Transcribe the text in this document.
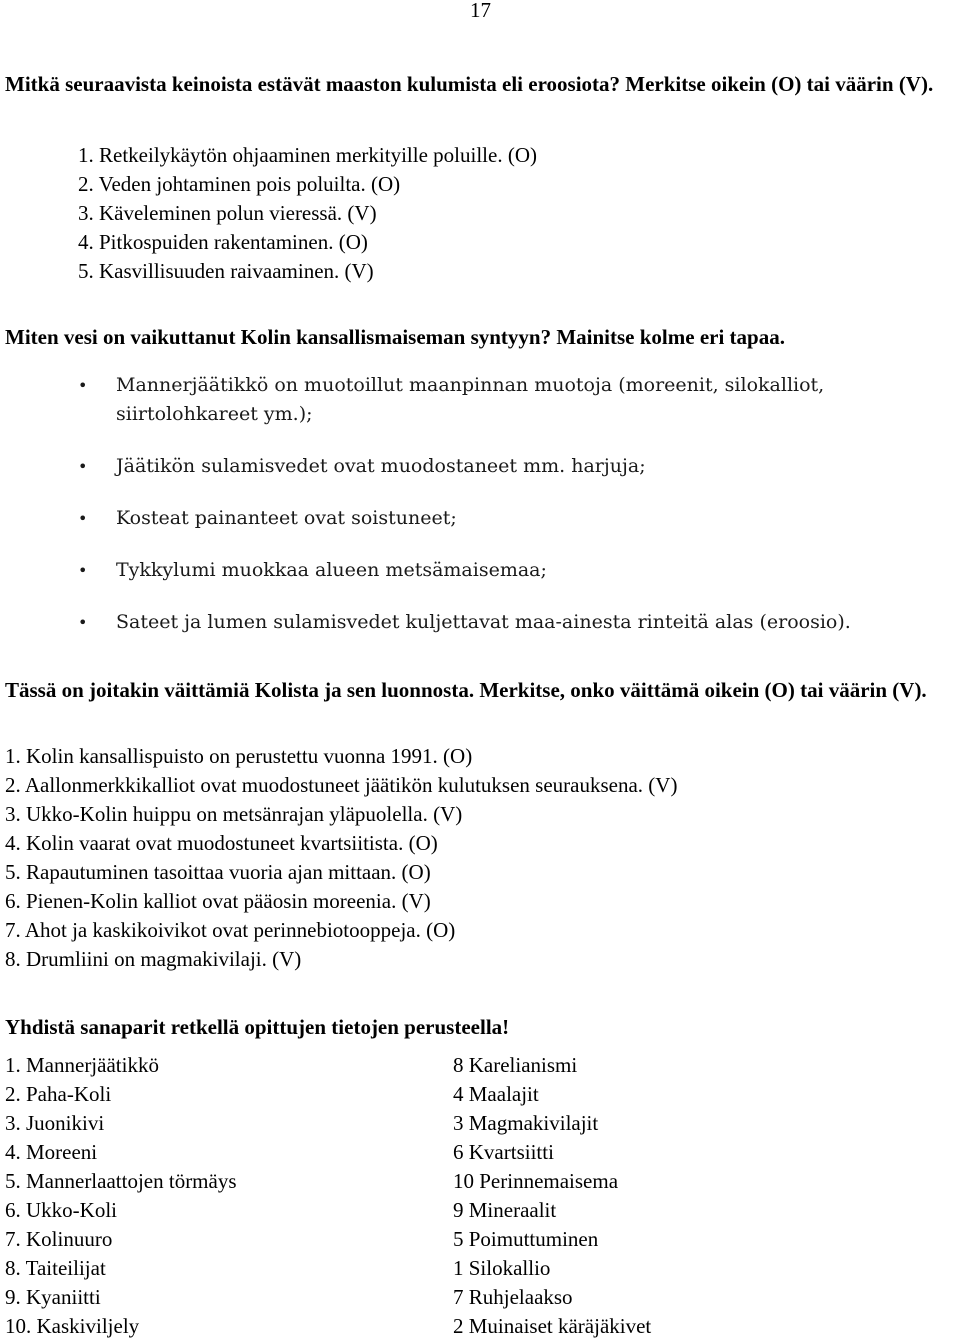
17
Mitkä seuraavista keinoista estävät maaston kulumista eli eroosiota? Merkitse oikein (O) tai väärin (V).
1. Retkeilykäytön ohjaaminen merkityille poluille. (O)
2. Veden johtaminen pois poluilta. (O)
3. Käveleminen polun vieressä. (V)
4. Pitkospuiden rakentaminen. (O)
5. Kasvillisuuden raivaaminen. (V)
Miten vesi on vaikuttanut Kolin kansallismaiseman syntyyn? Mainitse kolme eri tapaa.
• Mannerjäätikkö on muotoillut maanpinnan muotoja (moreenit, silokalliot, siirtolohkareet ym.);
• Jäätikön sulamisvedet ovat muodostaneet mm. harjuja;
• Kosteat painanteet ovat soistuneet;
• Tykkylumi muokkaa alueen metsämaisemaa;
• Sateet ja lumen sulamisvedet kuljettavat maa-ainesta rinteitä alas (eroosio).
Tässä on joitakin väittämiä Kolista ja sen luonnosta. Merkitse, onko väittämä oikein (O) tai väärin (V).
1. Kolin kansallispuisto on perustettu vuonna 1991. (O)
2. Aallonmerkkikalliot ovat muodostuneet jäätikön kulutuksen seurauksena. (V)
3. Ukko-Kolin huippu on metsänrajan yläpuolella. (V)
4. Kolin vaarat ovat muodostuneet kvartsiitista. (O)
5. Rapautuminen tasoittaa vuoria ajan mittaan. (O)
6. Pienen-Kolin kalliot ovat pääosin moreenia. (V)
7. Ahot ja kaskikoivikot ovat perinnebiotooppeja. (O)
8. Drumliini on magmakivilaji. (V)
Yhdistä sanaparit retkellä opittujen tietojen perusteella!
1. Mannerjäätikkö	8 Karelianismi
2. Paha-Koli	4 Maalajit
3. Juonikivi	3 Magmakivilajit
4. Moreeni	6 Kvartsiitti
5. Mannerlaattojen törmäys	10 Perinnemaisema
6. Ukko-Koli	9 Mineraalit
7. Kolinuuro	5 Poimuttuminen
8. Taiteilijat	1 Silokallio
9. Kyaniitti	7 Ruhjelaakso
10. Kaskiviljely	2 Muinaiset käräjäkivet
